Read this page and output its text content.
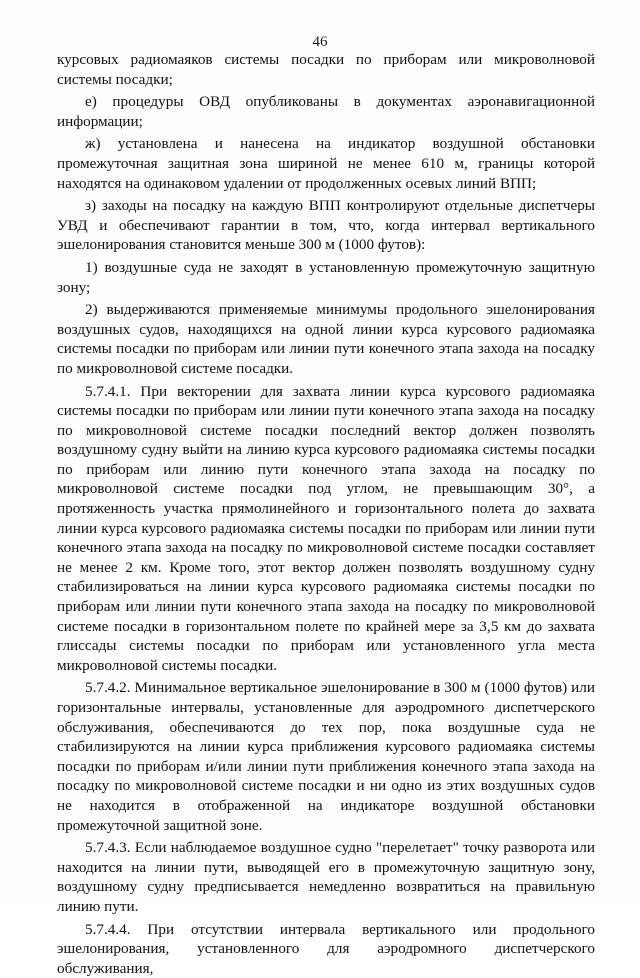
46

курсовых радиомаяков системы посадки по приборам или микроволновой системы посадки;

е) процедуры ОВД опубликованы в документах аэронавигационной информации;

ж) установлена и нанесена на индикатор воздушной обстановки промежуточная защитная зона шириной не менее 610 м, границы которой находятся на одинаковом удалении от продолженных осевых линий ВПП;

з) заходы на посадку на каждую ВПП контролируют отдельные диспетчеры УВД и обеспечивают гарантии в том, что, когда интервал вертикального эшелонирования становится меньше 300 м (1000 футов):

1) воздушные суда не заходят в установленную промежуточную защитную зону;

2) выдерживаются применяемые минимумы продольного эшелонирования воздушных судов, находящихся на одной линии курса курсового радиомаяка системы посадки по приборам или линии пути конечного этапа захода на посадку по микроволновой системе посадки.

5.7.4.1. При векторении для захвата линии курса курсового радиомаяка системы посадки по приборам или линии пути конечного этапа захода на посадку по микроволновой системе посадки последний вектор должен позволять воздушному судну выйти на линию курса курсового радиомаяка системы посадки по приборам или линию пути конечного этапа захода на посадку по микроволновой системе посадки под углом, не превышающим 30°, а протяженность участка прямолинейного и горизонтального полета до захвата линии курса курсового радиомаяка системы посадки по приборам или линии пути конечного этапа захода на посадку по микроволновой системе посадки составляет не менее 2 км. Кроме того, этот вектор должен позволять воздушному судну стабилизироваться на линии курса курсового радиомаяка системы посадки по приборам или линии пути конечного этапа захода на посадку по микроволновой системе посадки в горизонтальном полете по крайней мере за 3,5 км до захвата глиссады системы посадки по приборам или установленного угла места микроволновой системы посадки.

5.7.4.2. Минимальное вертикальное эшелонирование в 300 м (1000 футов) или горизонтальные интервалы, установленные для аэродромного диспетчерского обслуживания, обеспечиваются до тех пор, пока воздушные суда не стабилизируются на линии курса приближения курсового радиомаяка системы посадки по приборам и/или линии пути приближения конечного этапа захода на посадку по микроволновой системе посадки и ни одно из этих воздушных судов не находится в отображенной на индикаторе воздушной обстановки промежуточной защитной зоне.

5.7.4.3. Если наблюдаемое воздушное судно "перелетает" точку разворота или находится на линии пути, выводящей его в промежуточную защитную зону, воздушному судну предписывается немедленно возвратиться на правильную линию пути.

5.7.4.4. При отсутствии интервала вертикального или продольного эшелонирования, установленного для аэродромного диспетчерского обслуживания,
